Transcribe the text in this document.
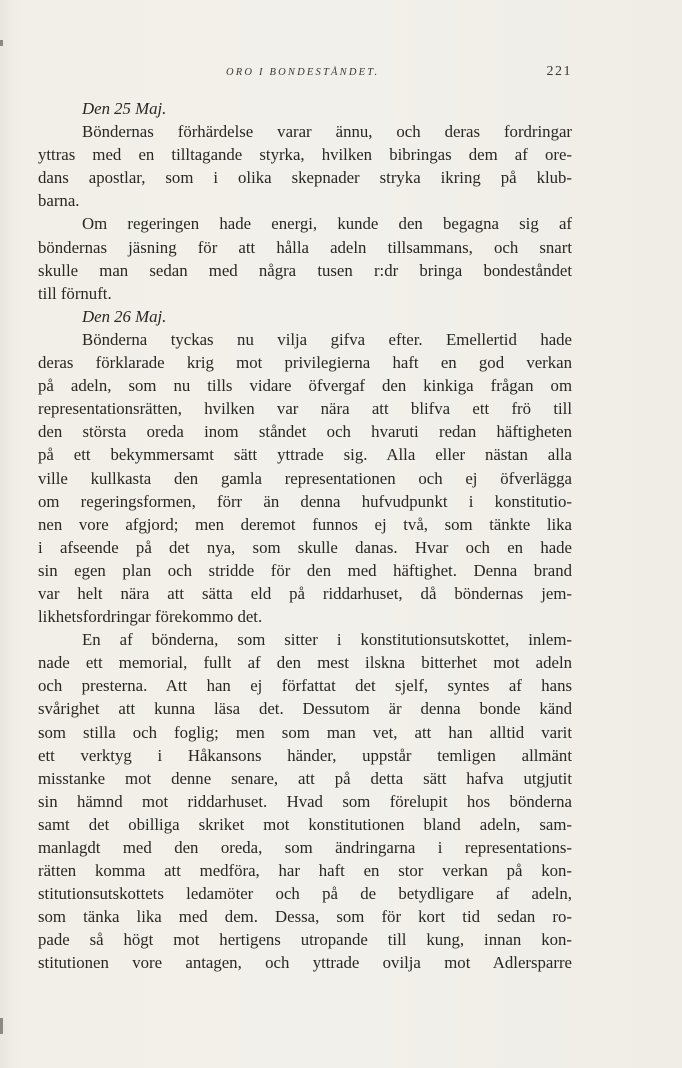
ORO I BONDESTÅNDET.	221
Den 25 Maj.
Böndernas förhärdelse varar ännu, och deras fordringar
yttras med en tilltagande styrka, hvilken bibringas dem af ore-
dans apostlar, som i olika skepnader stryka ikring på klub-
barna.
Om regeringen hade energi, kunde den begagna sig af
böndernas jäsning för att hålla adeln tillsammans, och snart
skulle man sedan med några tusen r:dr bringa bondeståndet
till förnuft.
Den 26 Maj.
Bönderna tyckas nu vilja gifva efter. Emellertid hade
deras förklarade krig mot privilegierna haft en god verkan
på adeln, som nu tills vidare öfvergaf den kinkiga frågan om
representationsrätten, hvilken var nära att blifva ett frö till
den största oreda inom ståndet och hvaruti redan häftigheten
på ett bekymmersamt sätt yttrade sig. Alla eller nästan alla
ville kullkasta den gamla representationen och ej öfverlägga
om regeringsformen, förr än denna hufvudpunkt i konstitutio-
nen vore afgjord; men deremot funnos ej två, som tänkte lika
i afseende på det nya, som skulle danas. Hvar och en hade
sin egen plan och stridde för den med häftighet. Denna brand
var helt nära att sätta eld på riddarhuset, då böndernas jem-
likhetsfordringar förekommo det.
En af bönderna, som sitter i konstitutionsutskottet, inlem-
nade ett memorial, fullt af den mest ilskna bitterhet mot adeln
och presterna. Att han ej författat det sjelf, syntes af hans
svårighet att kunna läsa det. Dessutom är denna bonde känd
som stilla och foglig; men som man vet, att han alltid varit
ett verktyg i Håkansons händer, uppstår temligen allmänt
misstanke mot denne senare, att på detta sätt hafva utgjutit
sin hämnd mot riddarhuset. Hvad som förelupit hos bönderna
samt det obilliga skriket mot konstitutionen bland adeln, sam-
manlagdt med den oreda, som ändringarna i representations-
rätten komma att medföra, har haft en stor verkan på kon-
stitutionsutskottets ledamöter och på de betydligare af adeln,
som tänka lika med dem. Dessa, som för kort tid sedan ro-
pade så högt mot hertigens utropande till kung, innan kon-
stitutionen vore antagen, och yttrade ovilja mot Adlersparre
